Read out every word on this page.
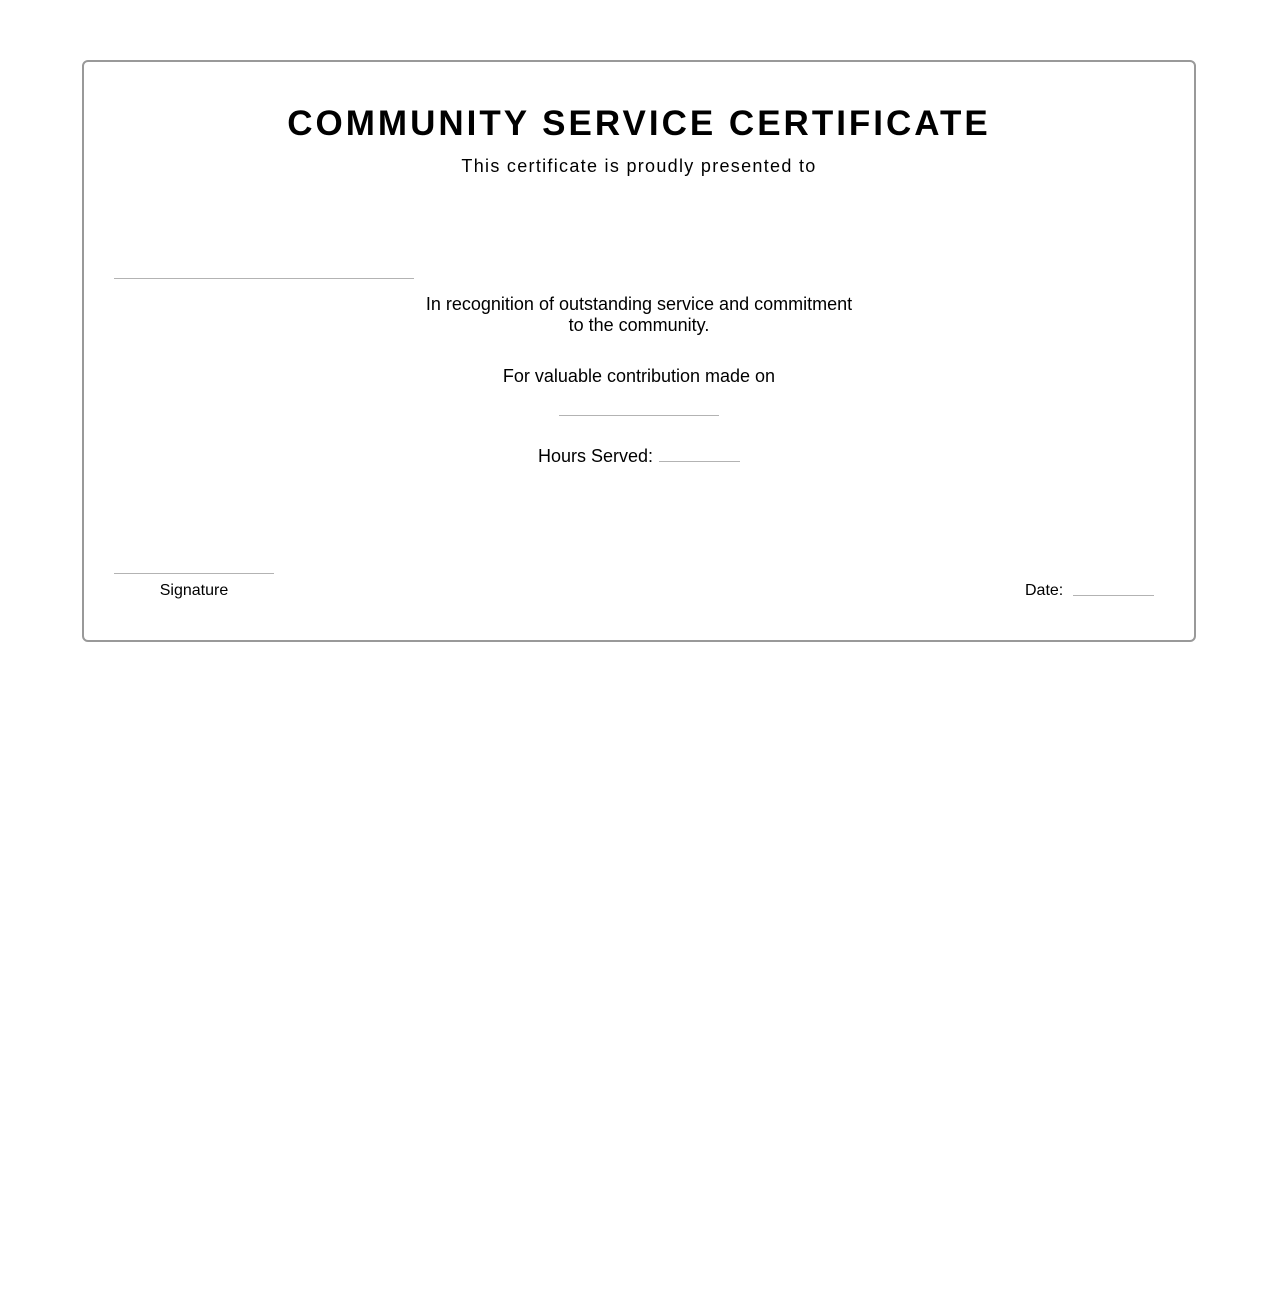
COMMUNITY SERVICE CERTIFICATE
This certificate is proudly presented to
In recognition of outstanding service and commitment
to the community.
For valuable contribution made on
Hours Served:
Signature	Date:
